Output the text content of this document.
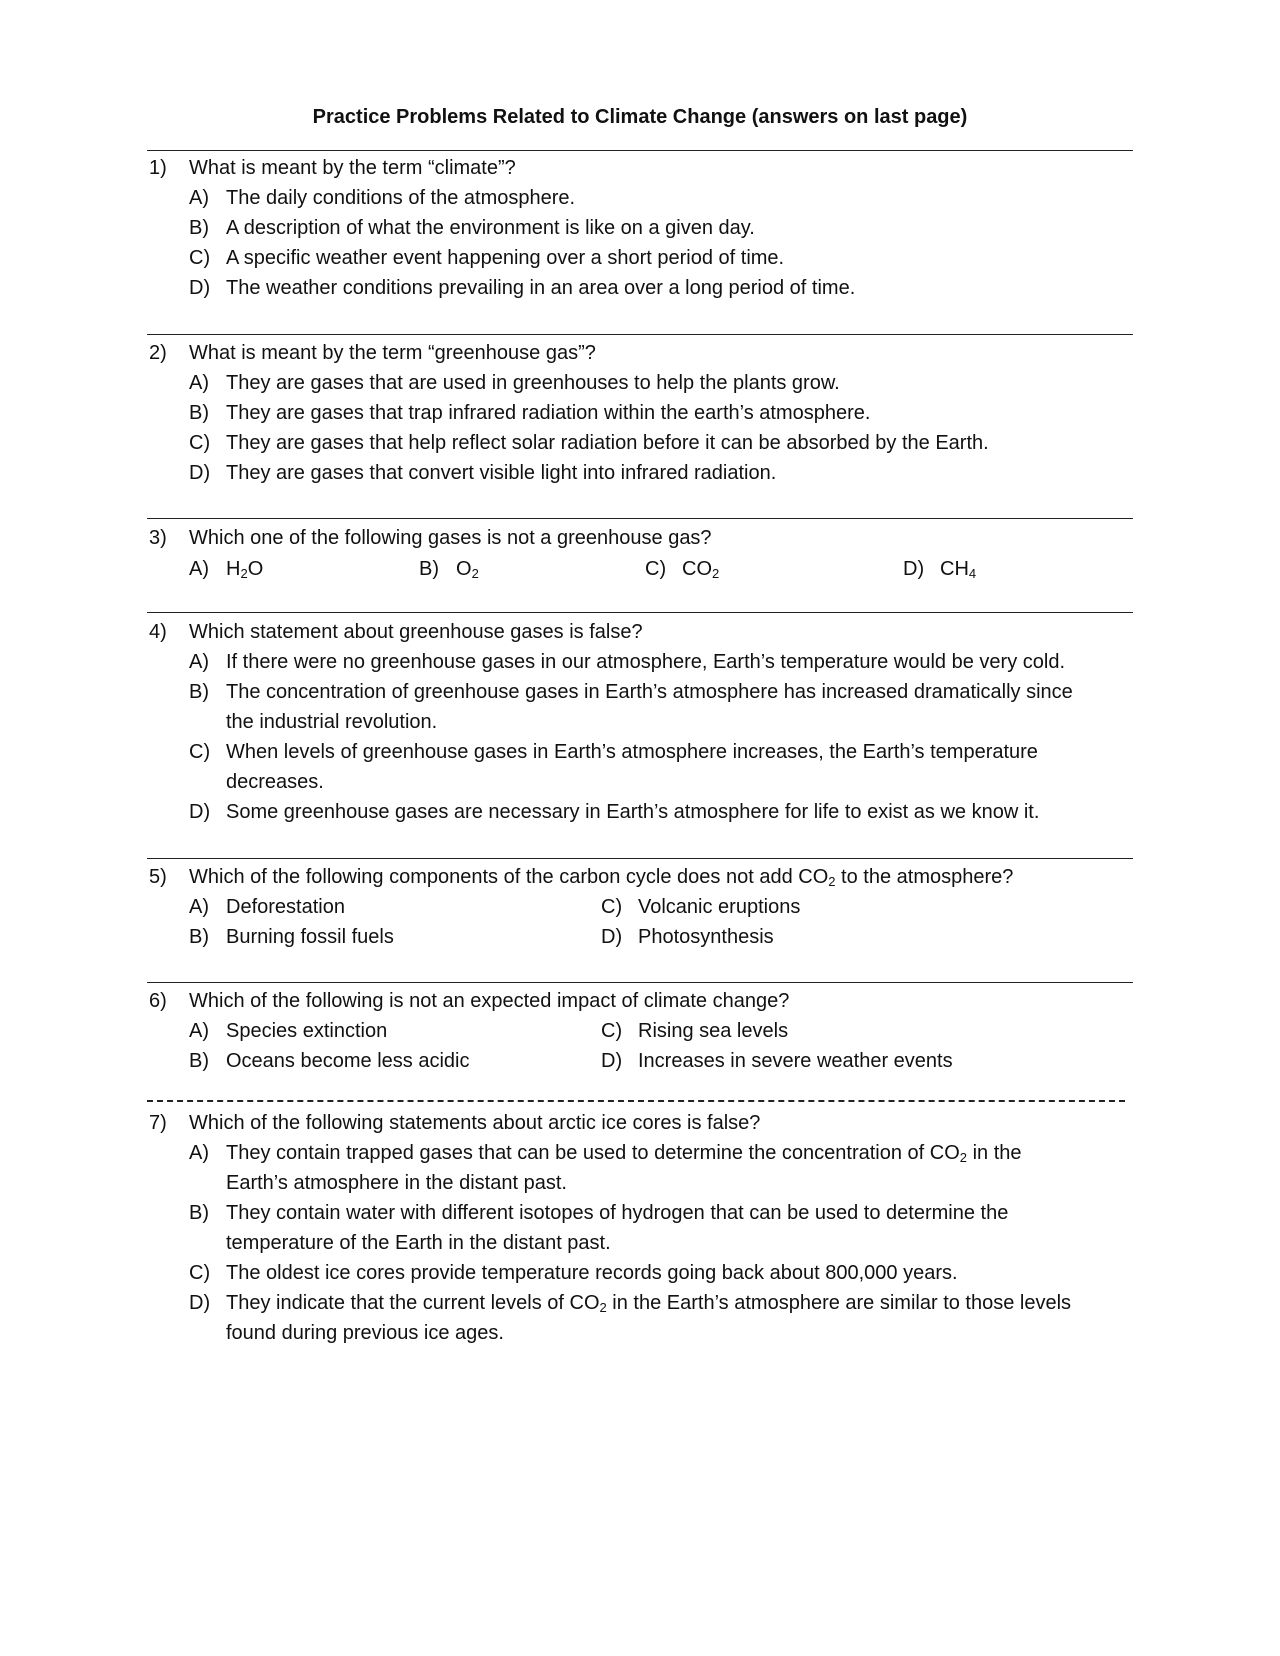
Practice Problems Related to Climate Change (answers on last page)
1)	What is meant by the term “climate”?
A) The daily conditions of the atmosphere.
B) A description of what the environment is like on a given day.
C) A specific weather event happening over a short period of time.
D) The weather conditions prevailing in an area over a long period of time.
2)	What is meant by the term “greenhouse gas”?
A) They are gases that are used in greenhouses to help the plants grow.
B) They are gases that trap infrared radiation within the earth’s atmosphere.
C) They are gases that help reflect solar radiation before it can be absorbed by the Earth.
D) They are gases that convert visible light into infrared radiation.
3)	Which one of the following gases is not a greenhouse gas?
A) $H_2O$	B) $O_2$	C) $CO_2$	D) $CH_4$
4)	Which statement about greenhouse gases is false?
A) If there were no greenhouse gases in our atmosphere, Earth’s temperature would be very cold.
B) The concentration of greenhouse gases in Earth’s atmosphere has increased dramatically since
the industrial revolution.
C) When levels of greenhouse gases in Earth’s atmosphere increases, the Earth’s temperature
decreases.
D) Some greenhouse gases are necessary in Earth’s atmosphere for life to exist as we know it.
5)	Which of the following components of the carbon cycle does not add $CO_2$ to the atmosphere?
A) Deforestation	C) Volcanic eruptions
B) Burning fossil fuels	D) Photosynthesis
6)	Which of the following is not an expected impact of climate change?
A) Species extinction	C) Rising sea levels
B) Oceans become less acidic	D) Increases in severe weather events
7)	Which of the following statements about arctic ice cores is false?
A) They contain trapped gases that can be used to determine the concentration of $CO_2$ in the
Earth’s atmosphere in the distant past.
B) They contain water with different isotopes of hydrogen that can be used to determine the
temperature of the Earth in the distant past.
C) The oldest ice cores provide temperature records going back about 800,000 years.
D) They indicate that the current levels of $CO_2$ in the Earth’s atmosphere are similar to those levels
found during previous ice ages.
